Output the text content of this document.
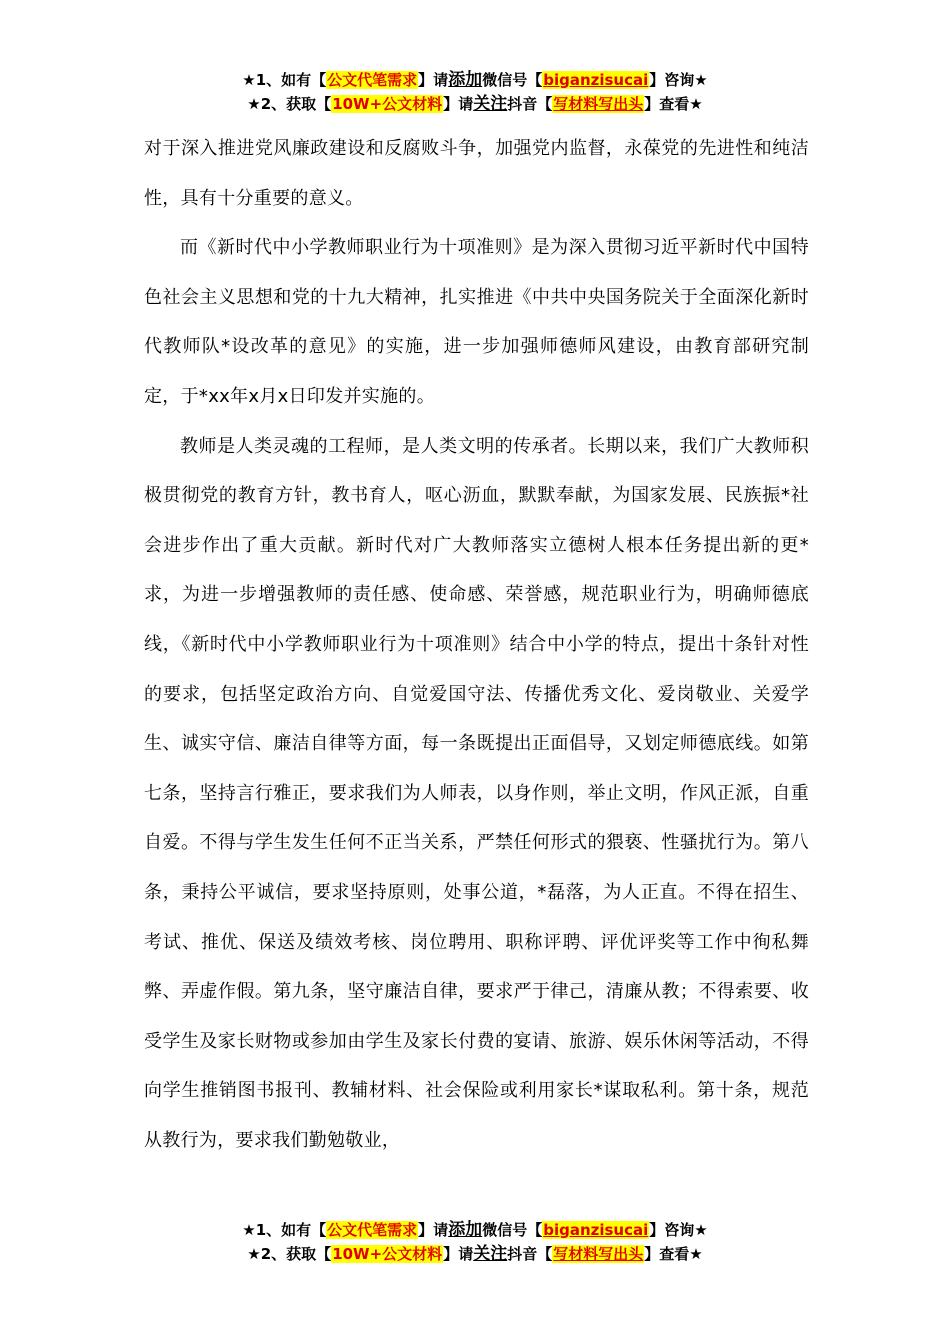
★1、如有【公文代笔需求】请添加微信号【biganzisucai】咨询★
★2、获取【10W+公文材料】请关注抖音【写材料写出头】查看★

对于深入推进党风廉政建设和反腐败斗争，加强党内监督，永葆党的先进性和纯洁性，具有十分重要的意义。

而《新时代中小学教师职业行为十项准则》是为深入贯彻习近平新时代中国特色社会主义思想和党的十九大精神，扎实推进《中共中央国务院关于全面深化新时代教师队*设改革的意见》的实施，进一步加强师德师风建设，由教育部研究制定，于*xx年x月x日印发并实施的。

教师是人类灵魂的工程师，是人类文明的传承者。长期以来，我们广大教师积极贯彻党的教育方针，教书育人，呕心沥血，默默奉献，为国家发展、民族振*社会进步作出了重大贡献。新时代对广大教师落实立德树人根本任务提出新的更*求，为进一步增强教师的责任感、使命感、荣誉感，规范职业行为，明确师德底线，《新时代中小学教师职业行为十项准则》结合中小学的特点，提出十条针对性的要求，包括坚定政治方向、自觉爱国守法、传播优秀文化、爱岗敬业、关爱学生、诚实守信、廉洁自律等方面，每一条既提出正面倡导，又划定师德底线。如第七条，坚持言行雅正，要求我们为人师表，以身作则，举止文明，作风正派，自重自爱。不得与学生发生任何不正当关系，严禁任何形式的猥亵、性骚扰行为。第八条，秉持公平诚信，要求坚持原则，处事公道，*磊落，为人正直。不得在招生、考试、推优、保送及绩效考核、岗位聘用、职称评聘、评优评奖等工作中徇私舞弊、弄虚作假。第九条，坚守廉洁自律，要求严于律己，清廉从教；不得索要、收受学生及家长财物或参加由学生及家长付费的宴请、旅游、娱乐休闲等活动，不得向学生推销图书报刊、教辅材料、社会保险或利用家长*谋取私利。第十条，规范从教行为，要求我们勤勉敬业，

★1、如有【公文代笔需求】请添加微信号【biganzisucai】咨询★
★2、获取【10W+公文材料】请关注抖音【写材料写出头】查看★
